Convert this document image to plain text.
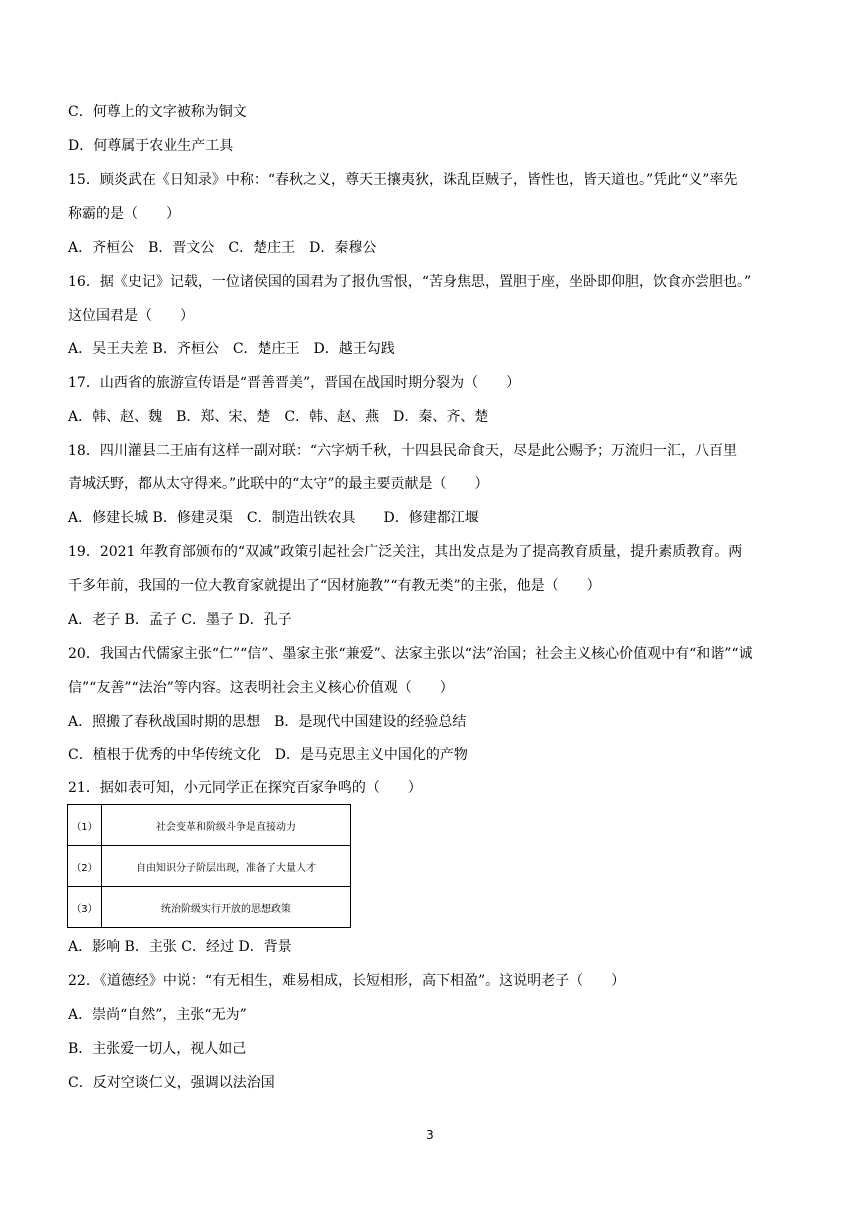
C．何尊上的文字被称为铜文
D．何尊属于农业生产工具
15．顾炎武在《日知录》中称：“春秋之义，尊天王攘夷狄，诛乱臣贼子，皆性也，皆天道也。”凭此“义”率先
称霸的是（　　）
A．齐桓公　B．晋文公　C．楚庄王　D．秦穆公
16．据《史记》记载，一位诸侯国的国君为了报仇雪恨，“苦身焦思，置胆于座，坐卧即仰胆，饮食亦尝胆也。”
这位国君是（　　）
A．吴王夫差 B．齐桓公　C．楚庄王　D．越王勾践
17．山西省的旅游宣传语是“晋善晋美”，晋国在战国时期分裂为（　　）
A．韩、赵、魏　B．郑、宋、楚　C．韩、赵、燕　D．秦、齐、楚
18．四川灌县二王庙有这样一副对联：“六字炳千秋，十四县民命食天，尽是此公赐予；万流归一汇，八百里
青城沃野，都从太守得来。”此联中的“太守”的最主要贡献是（　　）
A．修建长城 B．修建灵渠　C．制造出铁农具　　D．修建都江堰
19．2021 年教育部颁布的“双减”政策引起社会广泛关注，其出发点是为了提高教育质量，提升素质教育。两
千多年前，我国的一位大教育家就提出了“因材施教”“有教无类”的主张，他是（　　）
A．老子 B．孟子 C．墨子 D．孔子
20．我国古代儒家主张“仁”“信”、墨家主张“兼爱”、法家主张以“法”治国；社会主义核心价值观中有“和谐”“诚
信”“友善”“法治”等内容。这表明社会主义核心价值观（　　）
A．照搬了春秋战国时期的思想　B．是现代中国建设的经验总结
C．植根于优秀的中华传统文化　D．是马克思主义中国化的产物
21．据如表可知，小元同学正在探究百家争鸣的（　　）
（1）	社会变革和阶级斗争是直接动力
（2）	自由知识分子阶层出现，准备了大量人才
（3）	统治阶级实行开放的思想政策
A．影响 B．主张 C．经过 D．背景
22．《道德经》中说：“有无相生，难易相成，长短相形，高下相盈”。这说明老子（　　）
A．崇尚“自然”，主张“无为”
B．主张爱一切人，视人如己
C．反对空谈仁义，强调以法治国
3
